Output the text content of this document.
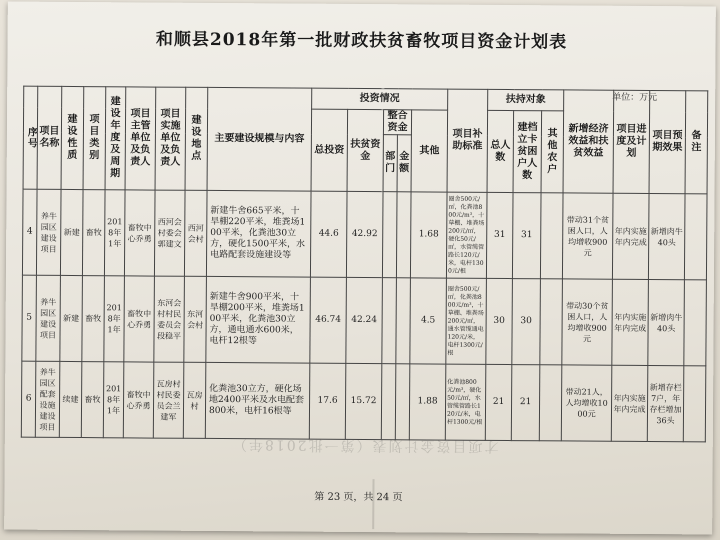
和顺县2018年第一批财政扶贫畜牧项目资金计划表
单位：万元
序号	项目名称	建设性质	项目类别	建设年度及周期	项目主管单位及负责人	项目实施单位及负责人	建设地点	主要建设规模与内容	投资情况					项目补助标准	扶持对象			新增经济效益和扶贫效益	项目进度及计划	项目预期效果	备注
									总投资	扶贫资金	整合资金		其他		总人数	建档立卡贫困户人数	其他农户				
											部门	金额									
4	养牛园区建设项目	新建	畜牧	2018年1年	畜牧中心乔勇	西河会村委会郭建文	西河会村	新建牛舍665平米，十旱棚220平米，堆粪场100平米，化粪池30立方，硬化1500平米，水电路配套设施建设等	44.6	42.92			1.68	圈舍500元/㎡，化粪池800元/m³，十草棚、堆粪场200元/㎡，硬化50元/㎡，水管缆管路长120元/米，电杆1300元/根	31	31		带动31个贫困人口，人均增收900元	年内实施年内完成	新增肉牛40头	
5	养牛园区建设项目	新建	畜牧	2018年1年	畜牧中心乔勇	东河会村村民委员会段稳平	东河会村	新建牛舍900平米，十旱棚200平米，堆粪场100平米，化粪池30立方，通电通水600米，电杆12根等	46.74	42.24			4.5	圈舍500元/㎡，化粪池800元/m³，十草棚、堆粪场200元/㎡，通水管缆通电120元/米，电杆1300元/根	30	30		带动30个贫困人口，人均增收900元	年内实施年内完成	新增肉牛40头	
6	养牛园区配套设施建设项目	续建	畜牧	2018年1年	畜牧中心乔勇	瓦房村村民委员会兰建军	瓦房村	化粪池30立方，硬化场地2400平米及水电配套800米，电杆16根等	17.6	15.72			1.88	化粪池800元/m³，硬化50元/㎡，水管缆管路长120元/米，电杆1300元/根	21	21		带动21人，人均增收1000元	年内实施年内完成	新增存栏7户，年存栏增加36头	
才项目资金计划表（第一批2018年）
第 23 页，共 24 页
